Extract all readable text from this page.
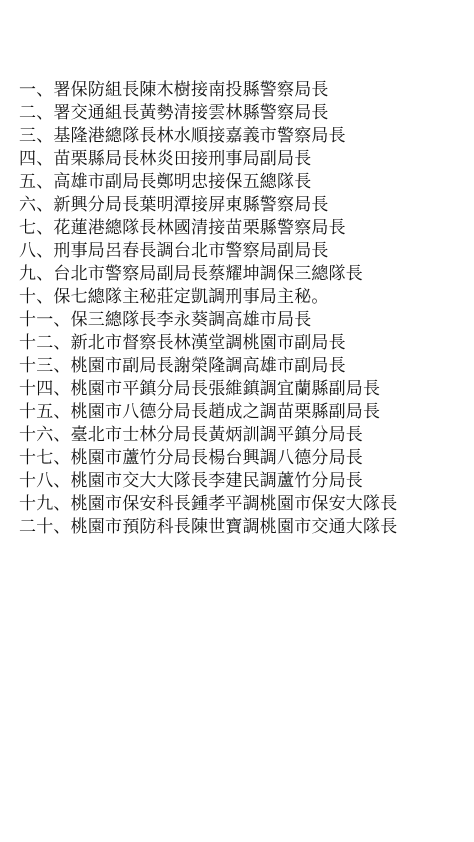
一、署保防組長陳木樹接南投縣警察局長
二、署交通組長黃勢清接雲林縣警察局長
三、基隆港總隊長林水順接嘉義市警察局長
四、苗栗縣局長林炎田接刑事局副局長
五、高雄市副局長鄭明忠接保五總隊長
六、新興分局長葉明潭接屏東縣警察局長
七、花蓮港總隊長林國清接苗栗縣警察局長
八、刑事局呂春長調台北市警察局副局長
九、台北市警察局副局長蔡耀坤調保三總隊長
十、保七總隊主秘莊定凱調刑事局主秘。
十一、保三總隊長李永葵調高雄市局長
十二、新北市督察長林漢堂調桃園市副局長
十三、桃園市副局長謝榮隆調高雄市副局長
十四、桃園市平鎮分局長張維鎮調宜蘭縣副局長
十五、桃園市八德分局長趙成之調苗栗縣副局長
十六、臺北市士林分局長黃炳訓調平鎮分局長
十七、桃園市蘆竹分局長楊台興調八德分局長
十八、桃園市交大大隊長李建民調蘆竹分局長
十九、桃園市保安科長鍾孝平調桃園市保安大隊長
二十、桃園市預防科長陳世寶調桃園市交通大隊長
